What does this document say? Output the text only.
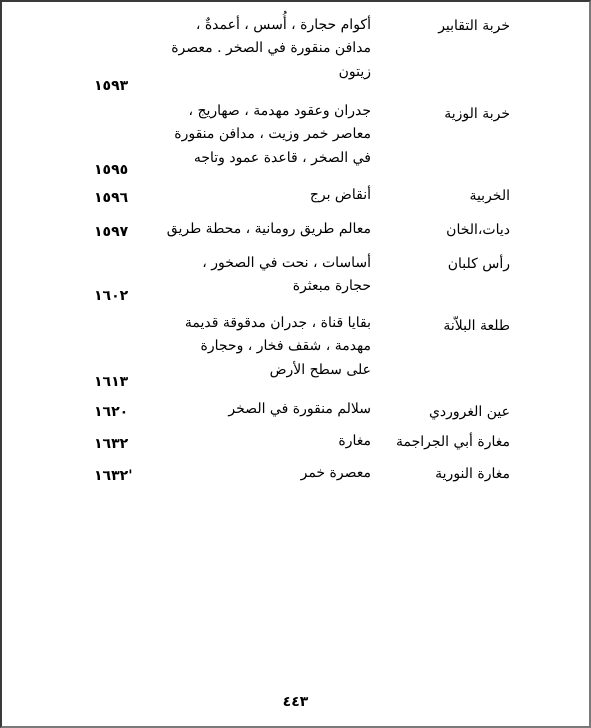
خربة التقابير
أكوام حجارة ، أُسس ، أعمدةٌ ،
مدافن منقورة في الصخر . معصرة
زيتون
١٥٩٣
خربة الوزية
جدران وعقود مهدمة ، صهاريج ،
معاصر خمر وزيت ، مدافن منقورة
في الصخر ، قاعدة عمود وتاجه
١٥٩٥
الخربية
أنقاض برج
١٥٩٦
ديات،الخان
معالم طريق رومانية ، محطة طريق
١٥٩٧
رأس كلبان
أساسات ، نحت في الصخور ،
حجارة مبعثرة
١٦٠٢
طلعة البلاّنة
بقايا قناة ، جدران مدقوقة قديمة
مهدمة ، شقف فخار ، وحجارة
على سطح الأرض
١٦١٣
عين الغروردي
سلالم منقورة في الصخر
١٦٢٠
مغارة أبي الجراجمة
مغارة
١٦٣٢
مغارة النورية
معصرة خمر
١٦٣٢'
٤٤٣
